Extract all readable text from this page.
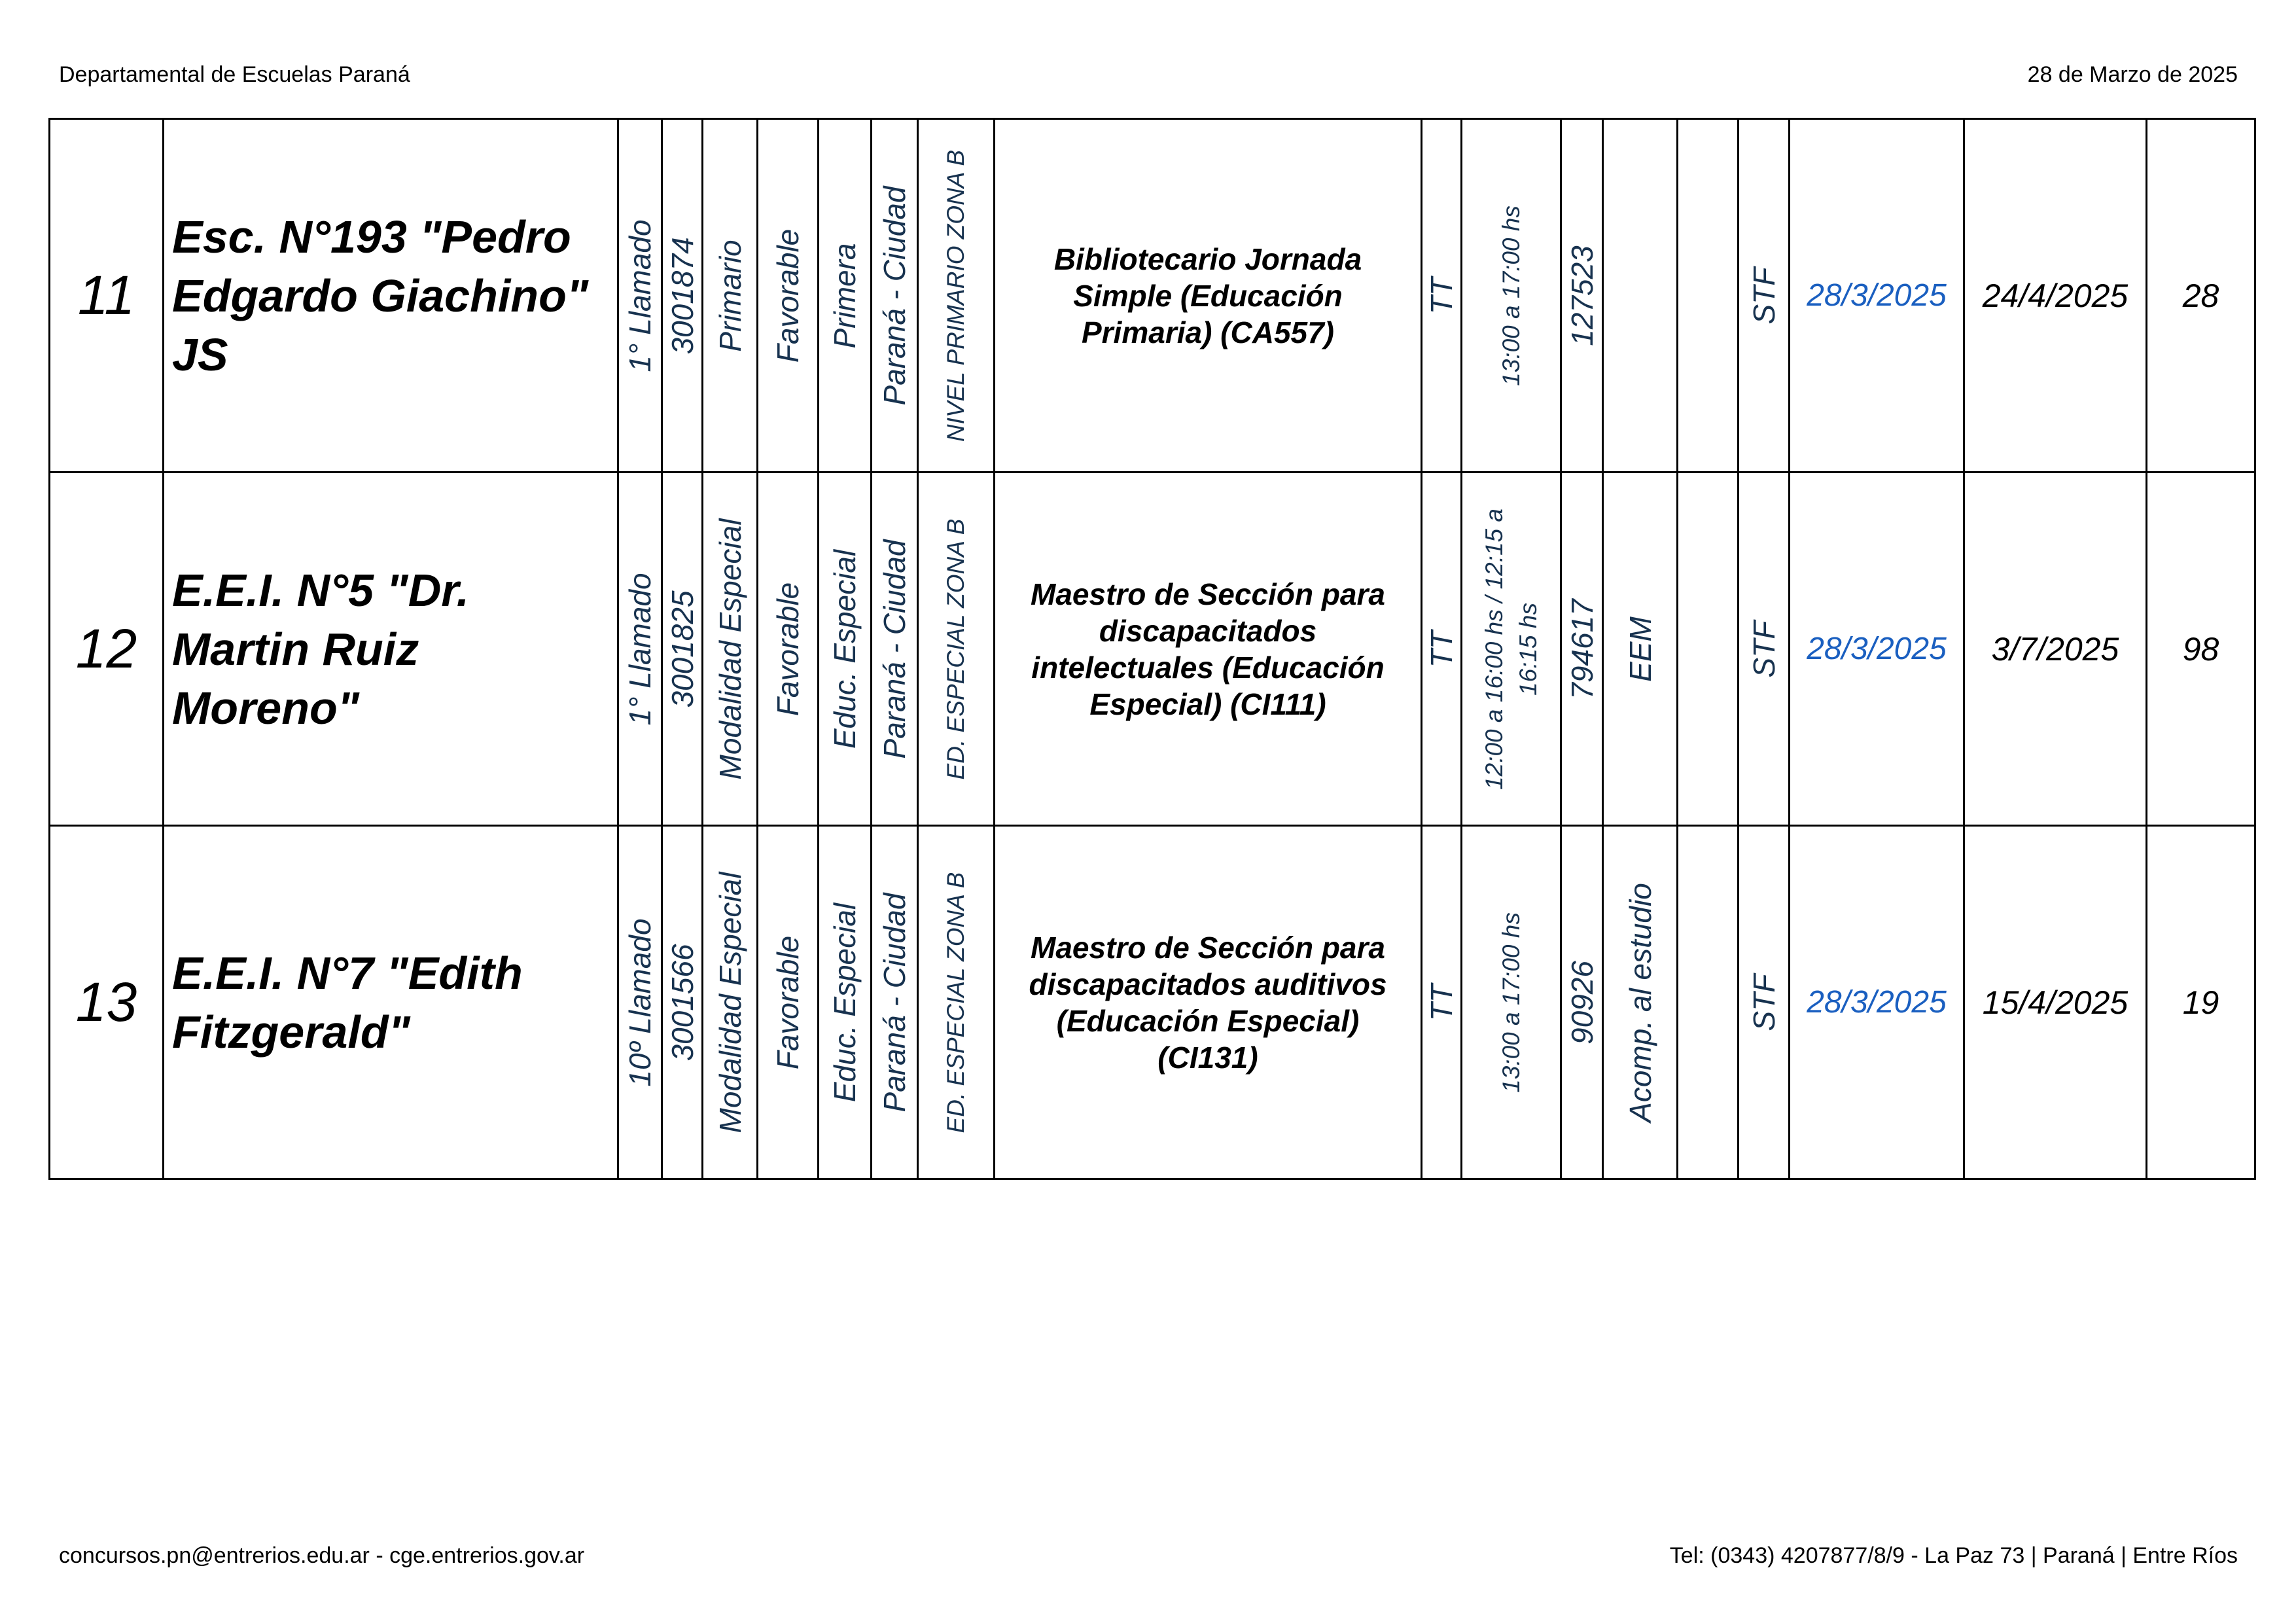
Departamental de Escuelas Paraná	28 de Marzo de 2025
11	Esc. N°193 "Pedro Edgardo Giachino" JS	1° Llamado	3001874	Primario	Favorable	Primera	Paraná - Ciudad	NIVEL PRIMARIO ZONA B	Bibliotecario Jornada Simple (Educación Primaria) (CA557)	TT	13:00 a 17:00 hs	127523			STF	28/3/2025	24/4/2025	28
12	E.E.I. N°5 "Dr. Martin Ruiz Moreno"	1° Llamado	3001825	Modalidad Especial	Favorable	Educ. Especial	Paraná - Ciudad	ED. ESPECIAL ZONA B	Maestro de Sección para discapacitados intelectuales (Educación Especial) (CI111)	TT	12:00 a 16:00 hs / 12:15 a 16:15 hs	794617	EEM		STF	28/3/2025	3/7/2025	98
13	E.E.I. N°7 "Edith Fitzgerald"	10º Llamado	3001566	Modalidad Especial	Favorable	Educ. Especial	Paraná - Ciudad	ED. ESPECIAL ZONA B	Maestro de Sección para discapacitados auditivos (Educación Especial) (CI131)	TT	13:00 a 17:00 hs	90926	Acomp. al estudio		STF	28/3/2025	15/4/2025	19
concursos.pn@entrerios.edu.ar - cge.entrerios.gov.ar	Tel: (0343) 4207877/8/9 - La Paz 73 | Paraná | Entre Ríos
